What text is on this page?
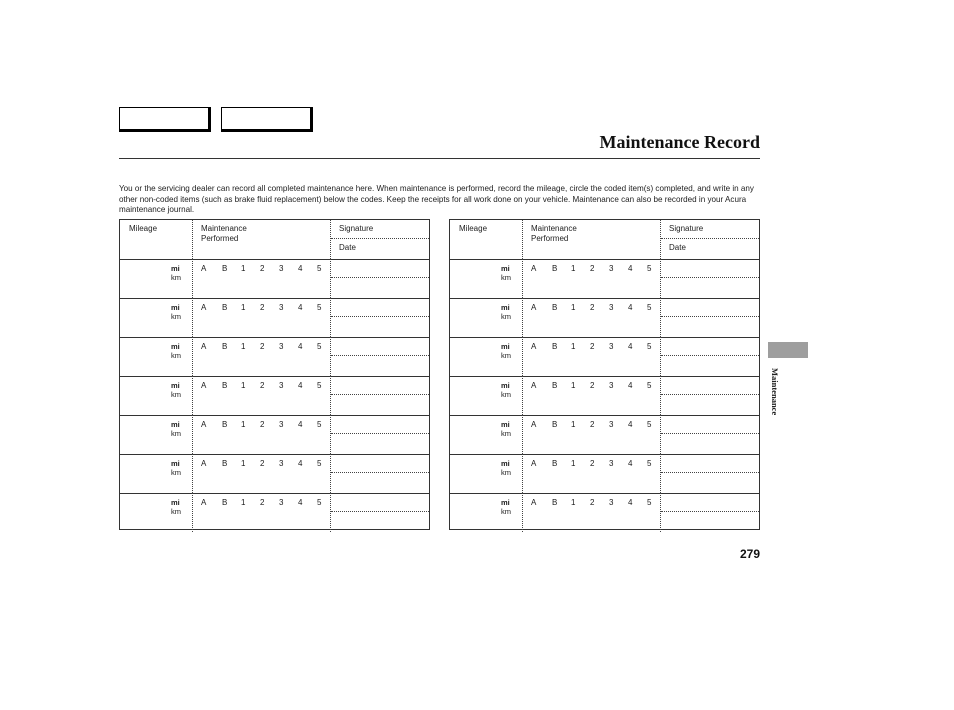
Maintenance Record
You or the servicing dealer can record all completed maintenance here. When maintenance is performed, record the mileage, circle the coded item(s) completed, and write in any other non-coded items (such as brake fluid replacement) below the codes. Keep the receipts for all work done on your vehicle. Maintenance can also be recorded in your Acura maintenance journal.
Mileage	Maintenance
Performed
Signature
Date
mi
km
A B 1 2 3 4 5
mi
km
A B 1 2 3 4 5
mi
km
A B 1 2 3 4 5
mi
km
A B 1 2 3 4 5
mi
km
A B 1 2 3 4 5
mi
km
A B 1 2 3 4 5
mi
km
A B 1 2 3 4 5
Mileage	Maintenance
Performed
Signature
Date
mi
km
A B 1 2 3 4 5
mi
km
A B 1 2 3 4 5
mi
km
A B 1 2 3 4 5
mi
km
A B 1 2 3 4 5
mi
km
A B 1 2 3 4 5
mi
km
A B 1 2 3 4 5
mi
km
A B 1 2 3 4 5
Maintenance
279
